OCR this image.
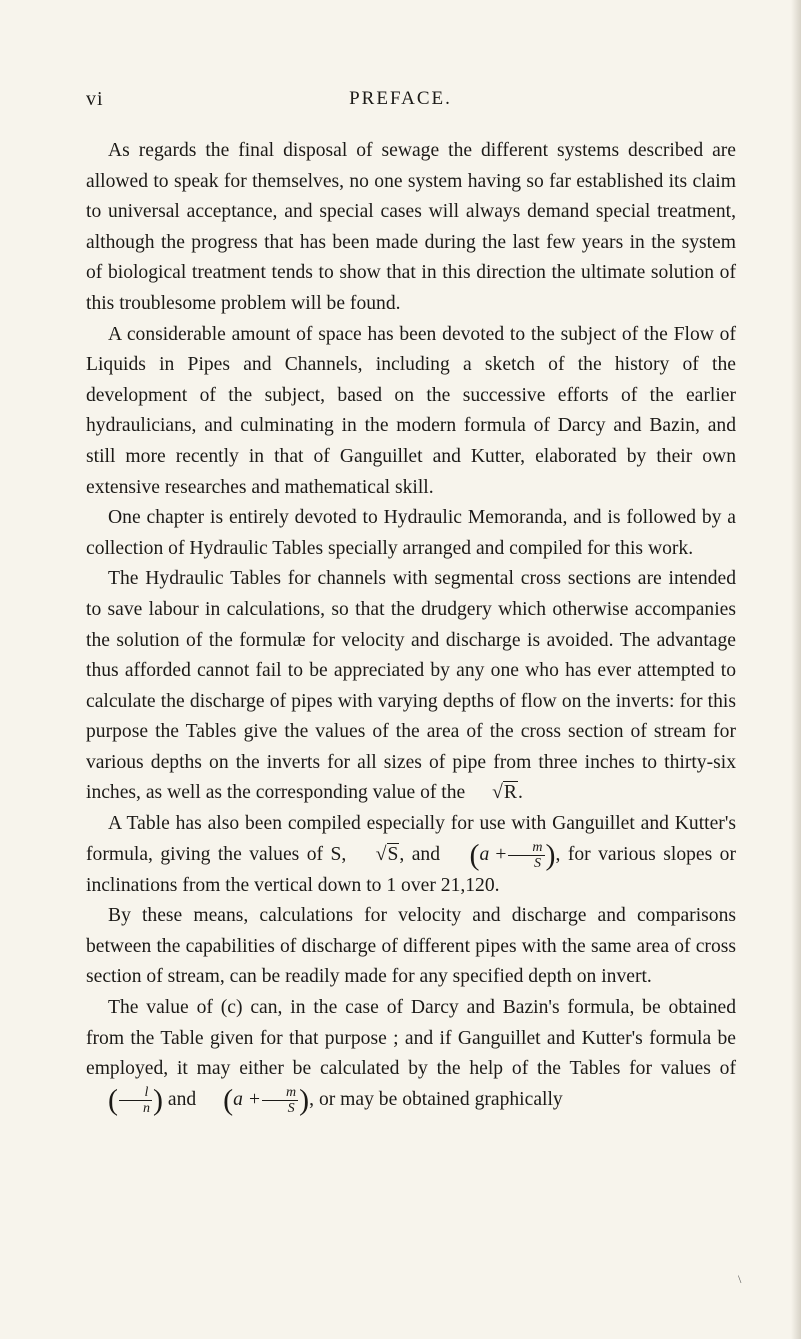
vi	PREFACE.

As regards the final disposal of sewage the different systems described are allowed to speak for themselves, no one system having so far established its claim to universal acceptance, and special cases will always demand special treatment, although the progress that has been made during the last few years in the system of biological treatment tends to show that in this direction the ultimate solution of this troublesome problem will be found.

A considerable amount of space has been devoted to the subject of the Flow of Liquids in Pipes and Channels, including a sketch of the history of the development of the subject, based on the successive efforts of the earlier hydraulicians, and culminating in the modern formula of Darcy and Bazin, and still more recently in that of Ganguillet and Kutter, elaborated by their own extensive researches and mathematical skill.

One chapter is entirely devoted to Hydraulic Memoranda, and is followed by a collection of Hydraulic Tables specially arranged and compiled for this work.

The Hydraulic Tables for channels with segmental cross sections are intended to save labour in calculations, so that the drudgery which otherwise accompanies the solution of the formulæ for velocity and discharge is avoided. The advantage thus afforded cannot fail to be appreciated by any one who has ever attempted to calculate the discharge of pipes with varying depths of flow on the inverts: for this purpose the Tables give the values of the area of the cross section of stream for various depths on the inverts for all sizes of pipe from three inches to thirty-six inches, as well as the corresponding value of the √R.

A Table has also been compiled especially for use with Ganguillet and Kutter's formula, giving the values of S, √S, and ($a + \frac{m}{S}$ ), for various slopes or inclinations from the vertical down to 1 over 21,120.

By these means, calculations for velocity and discharge and comparisons between the capabilities of discharge of different pipes with the same area of cross section of stream, can be readily made for any specified depth on invert.

The value of (c) can, in the case of Darcy and Bazin's formula, be obtained from the Table given for that purpose ; and if Ganguillet and Kutter's formula be employed, it may either be calculated by the help of the Tables for values of ( $\frac{l}{n}$ ) and ($a + \frac{m}{S}$ ), or may be obtained graphically

\
